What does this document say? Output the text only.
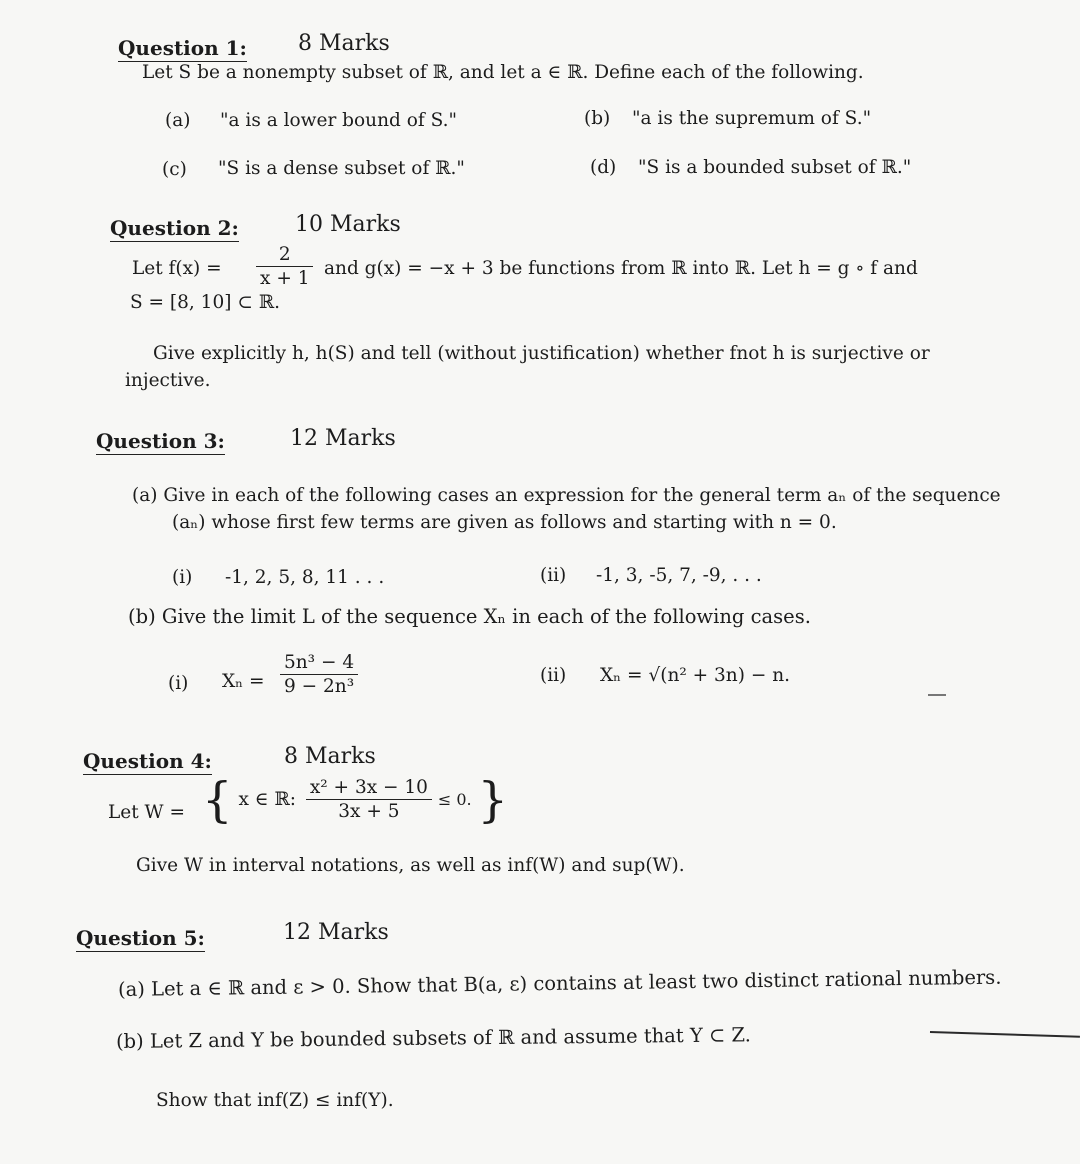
Question 1: 8 Marks
Let S be a nonempty subset of ℝ, and let a ∈ ℝ. Define each of the following.
(a) "a is a lower bound of S."	(b) "a is the supremum of S."
(c) "S is a dense subset of ℝ."	(d) "S is a bounded subset of ℝ."
Question 2:	10 Marks
Let $f(x) = \frac{2}{x + 1}$ and g(x) = −x + 3 be functions from ℝ into ℝ. Let h = g ∘ f and
S = [8, 10] ⊂ ℝ.
Give explicitly h, h(S) and tell (without justification) whether fnot h is surjective or
injective.
Question 3:	12 Marks
(a) Give in each of the following cases an expression for the general term aₙ of the sequence
(aₙ) whose first few terms are given as follows and starting with n = 0.
(i) -1, 2, 5, 8, 11 . . .	(ii) -1, 3, -5, 7, -9, . . .
(b) Give the limit L of the sequence Xₙ in each of the following cases.
(i) $X_n = \frac{\text{5n³ − 4}}{\text{9 − 2n³}}$	(ii) Xₙ = √(n² + 3n) − n.
Question 4:	8 Marks
Let W = { x ∈ ℝ: $\frac{\text{x² + 3x − 10}}{3x + 5} \le 0$. }
Give W in interval notations, as well as inf(W) and sup(W).
Question 5:	12 Marks
(a) Let a ∈ ℝ and ε > 0. Show that B(a, ε) contains at least two distinct rational numbers.
(b) Let Z and Y be bounded subsets of ℝ and assume that Y ⊂ Z.
Show that inf(Z) ≤ inf(Y).
